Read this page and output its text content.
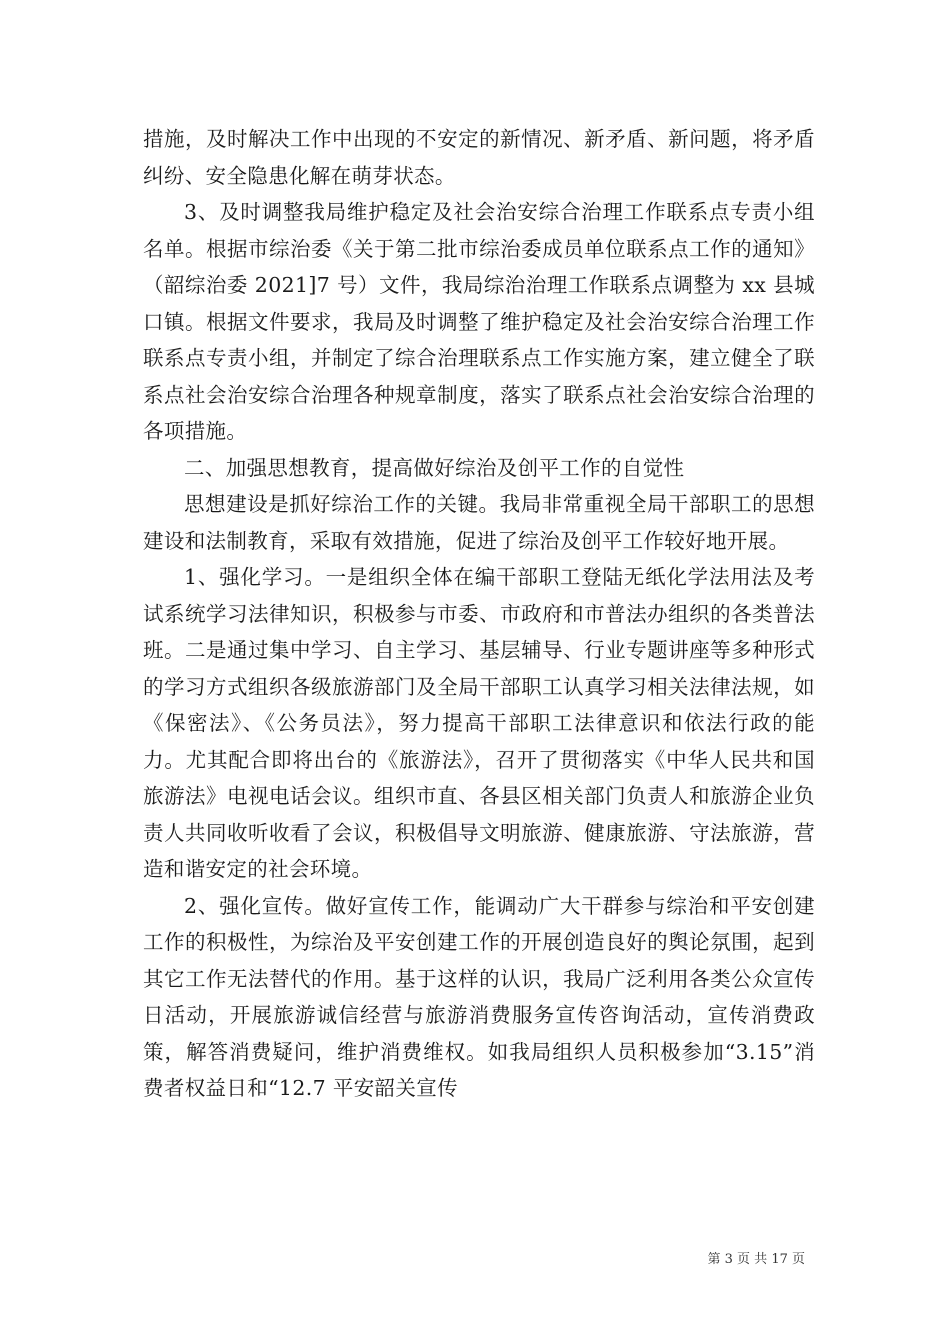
措施，及时解决工作中出现的不安定的新情况、新矛盾、新问题，将矛盾纠纷、安全隐患化解在萌芽状态。

3、及时调整我局维护稳定及社会治安综合治理工作联系点专责小组名单。根据市综治委《关于第二批市综治委成员单位联系点工作的通知》（韶综治委 2021]7 号）文件，我局综治治理工作联系点调整为 xx 县城口镇。根据文件要求，我局及时调整了维护稳定及社会治安综合治理工作联系点专责小组，并制定了综合治理联系点工作实施方案，建立健全了联系点社会治安综合治理各种规章制度，落实了联系点社会治安综合治理的各项措施。

二、加强思想教育，提高做好综治及创平工作的自觉性

思想建设是抓好综治工作的关键。我局非常重视全局干部职工的思想建设和法制教育，采取有效措施，促进了综治及创平工作较好地开展。

1、强化学习。一是组织全体在编干部职工登陆无纸化学法用法及考试系统学习法律知识，积极参与市委、市政府和市普法办组织的各类普法班。二是通过集中学习、自主学习、基层辅导、行业专题讲座等多种形式的学习方式组织各级旅游部门及全局干部职工认真学习相关法律法规，如《保密法》、《公务员法》，努力提高干部职工法律意识和依法行政的能力。尤其配合即将出台的《旅游法》，召开了贯彻落实《中华人民共和国旅游法》电视电话会议。组织市直、各县区相关部门负责人和旅游企业负责人共同收听收看了会议，积极倡导文明旅游、健康旅游、守法旅游，营造和谐安定的社会环境。

2、强化宣传。做好宣传工作，能调动广大干群参与综治和平安创建工作的积极性，为综治及平安创建工作的开展创造良好的舆论氛围，起到其它工作无法替代的作用。基于这样的认识，我局广泛利用各类公众宣传日活动，开展旅游诚信经营与旅游消费服务宣传咨询活动，宣传消费政策，解答消费疑问，维护消费维权。如我局组织人员积极参加“3.15”消费者权益日和“12.7 平安韶关宣传

第 3 页 共 17 页
